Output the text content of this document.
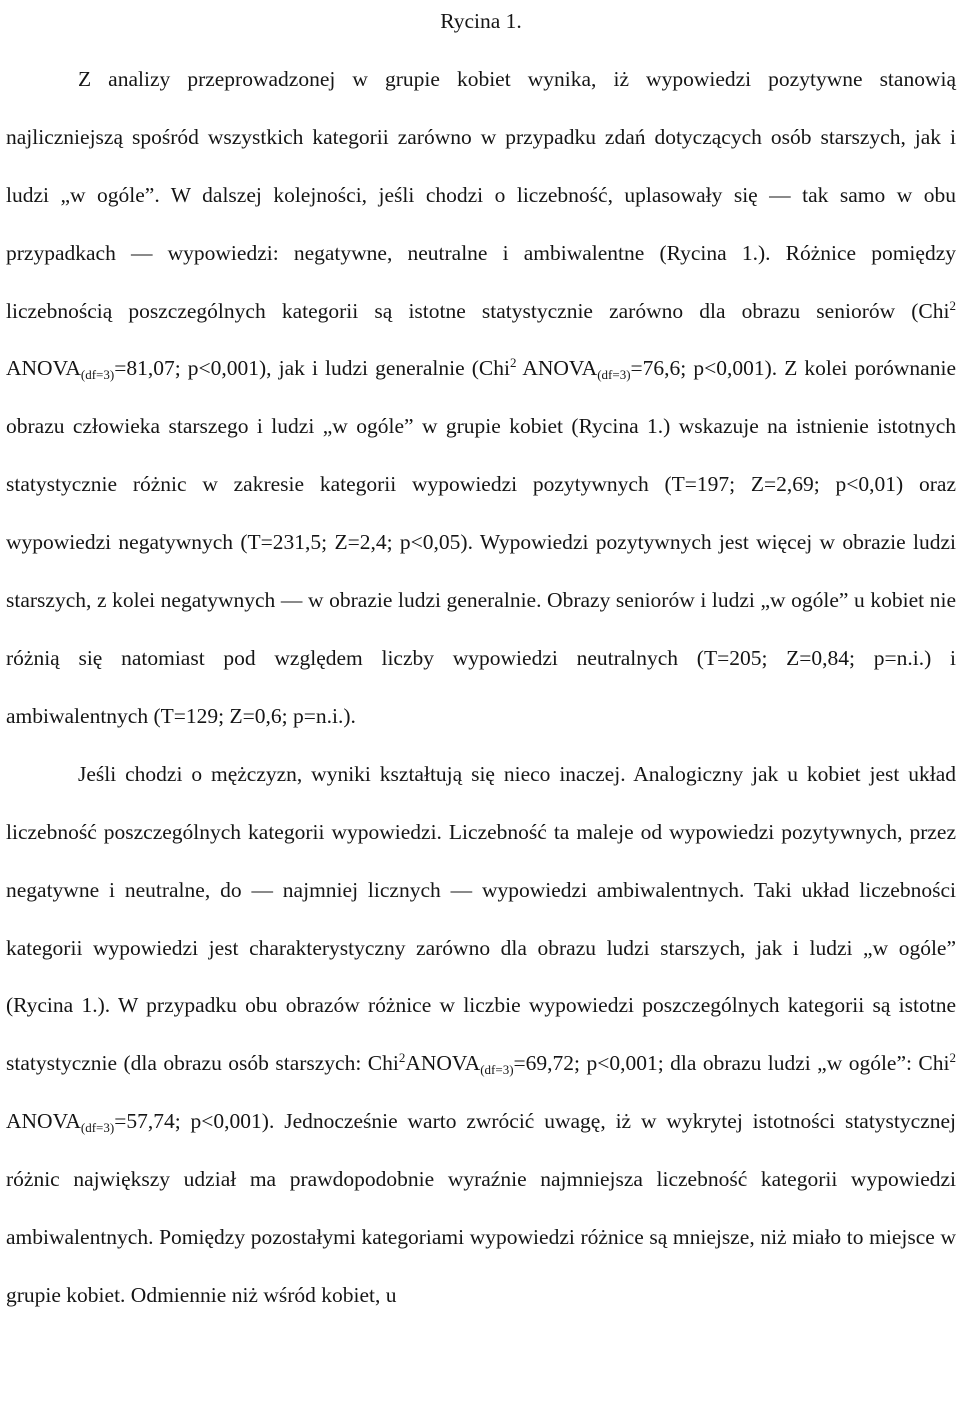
Rycina 1.

Z analizy przeprowadzonej w grupie kobiet wynika, iż wypowiedzi pozytywne stanowią najliczniejszą spośród wszystkich kategorii zarówno w przypadku zdań dotyczących osób starszych, jak i ludzi „w ogóle”. W dalszej kolejności, jeśli chodzi o liczebność, uplasowały się — tak samo w obu przypadkach — wypowiedzi: negatywne, neutralne i ambiwalentne (Rycina 1.). Różnice pomiędzy liczebnością poszczególnych kategorii są istotne statystycznie zarówno dla obrazu seniorów (Chi$^2$ $ANOVA_{(df=3)}=81,07$; p<0,001), jak i ludzi generalnie (Chi$^2$ $ANOVA_{(df=3)}=76,6$; p<0,001). Z kolei porównanie obrazu człowieka starszego i ludzi „w ogóle” w grupie kobiet (Rycina 1.) wskazuje na istnienie istotnych statystycznie różnic w zakresie kategorii wypowiedzi pozytywnych (T=197; Z=2,69; p<0,01) oraz wypowiedzi negatywnych (T=231,5; Z=2,4; p<0,05). Wypowiedzi pozytywnych jest więcej w obrazie ludzi starszych, z kolei negatywnych — w obrazie ludzi generalnie. Obrazy seniorów i ludzi „w ogóle” u kobiet nie różnią się natomiast pod względem liczby wypowiedzi neutralnych (T=205; Z=0,84; p=n.i.) i ambiwalentnych (T=129; Z=0,6; p=n.i.).

Jeśli chodzi o mężczyzn, wyniki kształtują się nieco inaczej. Analogiczny jak u kobiet jest układ liczebność poszczególnych kategorii wypowiedzi. Liczebność ta maleje od wypowiedzi pozytywnych, przez negatywne i neutralne, do — najmniej licznych — wypowiedzi ambiwalentnych. Taki układ liczebności kategorii wypowiedzi jest charakterystyczny zarówno dla obrazu ludzi starszych, jak i ludzi „w ogóle” (Rycina 1.). W przypadku obu obrazów różnice w liczbie wypowiedzi poszczególnych kategorii są istotne statystycznie (dla obrazu osób starszych: $Chi^2ANOVA_{(df=3)}=69,72$; p<0,001; dla obrazu ludzi „w ogóle”: Chi$^2$ $ANOVA_{(df=3)}=57,74$; p<0,001). Jednocześnie warto zwrócić uwagę, iż w wykrytej istotności statystycznej różnic największy udział ma prawdopodobnie wyraźnie najmniejsza liczebność kategorii wypowiedzi ambiwalentnych. Pomiędzy pozostałymi kategoriami wypowiedzi różnice są mniejsze, niż miało to miejsce w grupie kobiet. Odmiennie niż wśród kobiet, u
